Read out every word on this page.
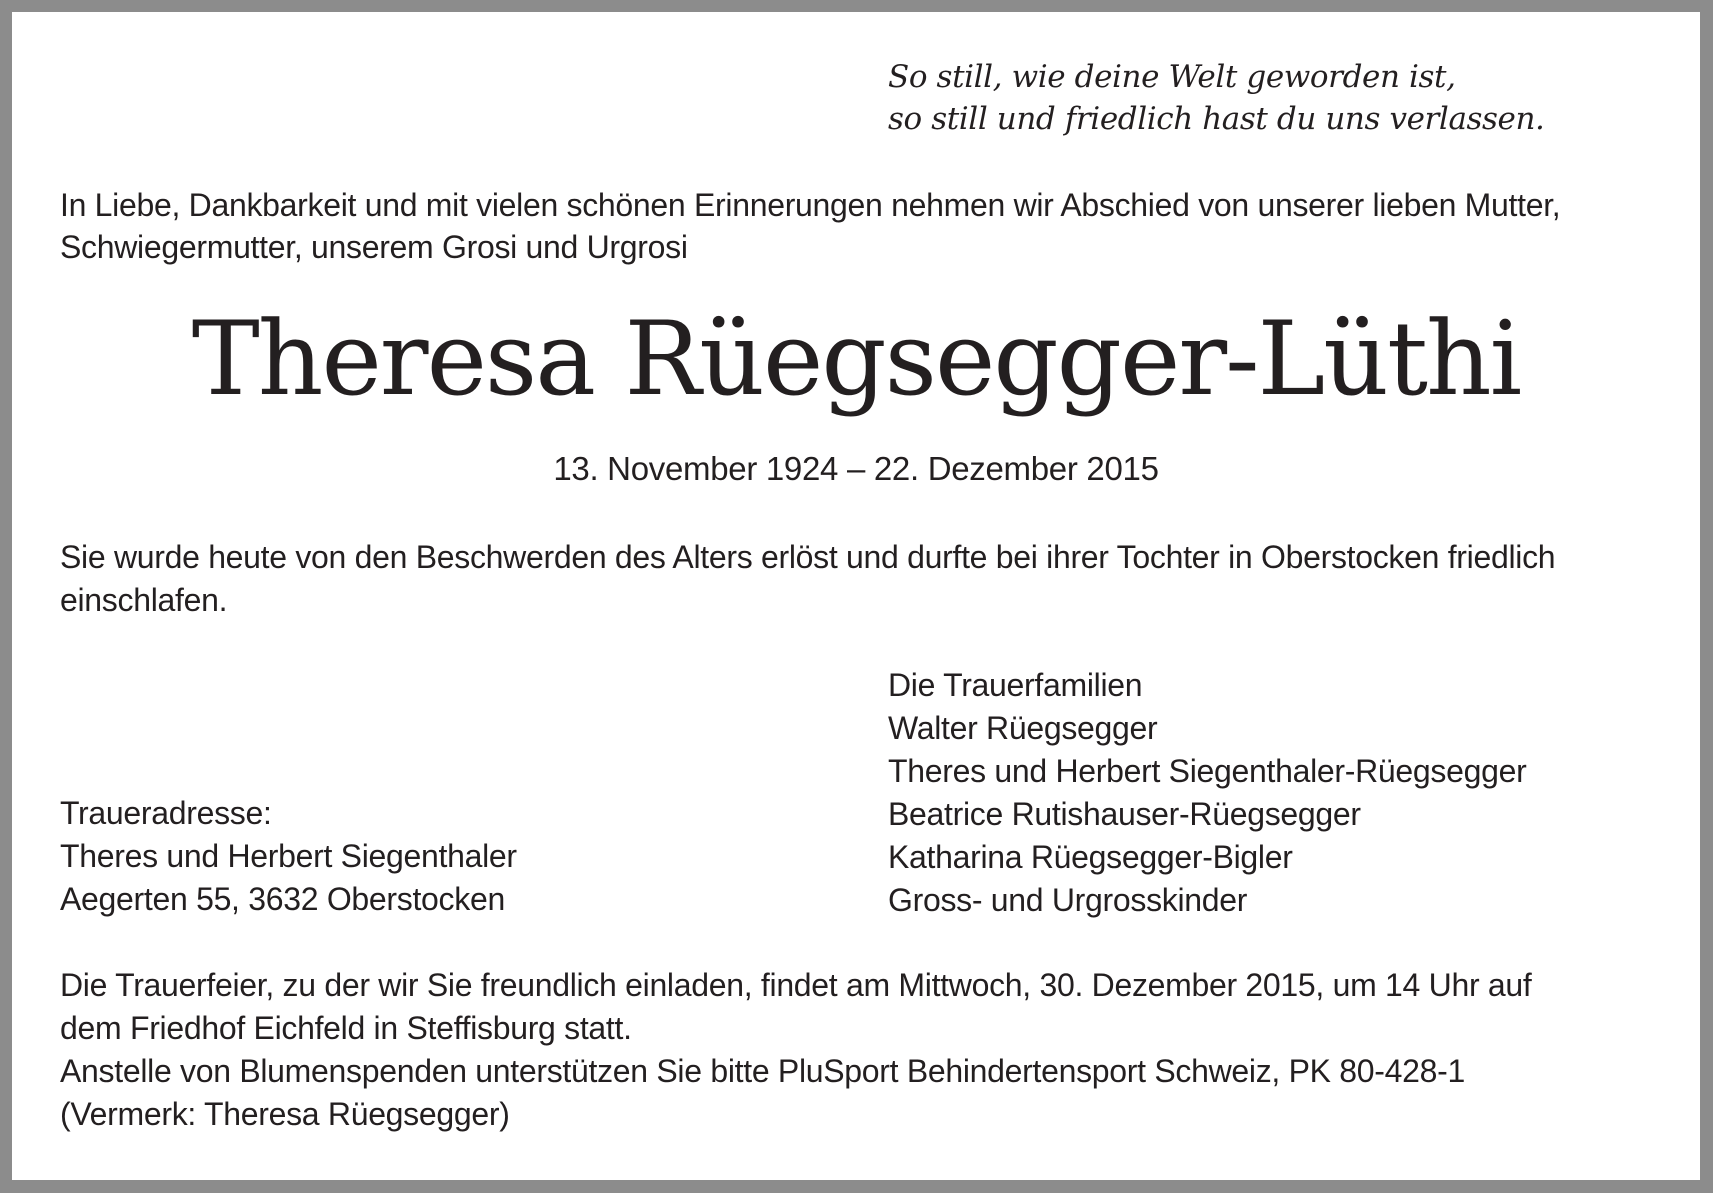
So still, wie deine Welt geworden ist,
so still und friedlich hast du uns verlassen.
In Liebe, Dankbarkeit und mit vielen schönen Erinnerungen nehmen wir Abschied von unserer lieben Mutter,
Schwiegermutter, unserem Grosi und Urgrosi
Theresa Rüegsegger-Lüthi
13. November 1924 – 22. Dezember 2015
Sie wurde heute von den Beschwerden des Alters erlöst und durfte bei ihrer Tochter in Oberstocken friedlich
einschlafen.
Die Trauerfamilien
Walter Rüegsegger
Theres und Herbert Siegenthaler-Rüegsegger
Beatrice Rutishauser-Rüegsegger
Katharina Rüegsegger-Bigler
Gross- und Urgrosskinder
Traueradresse:
Theres und Herbert Siegenthaler
Aegerten 55, 3632 Oberstocken
Die Trauerfeier, zu der wir Sie freundlich einladen, findet am Mittwoch, 30. Dezember 2015, um 14 Uhr auf
dem Friedhof Eichfeld in Steffisburg statt.
Anstelle von Blumenspenden unterstützen Sie bitte PluSport Behindertensport Schweiz, PK 80-428-1
(Vermerk: Theresa Rüegsegger)
